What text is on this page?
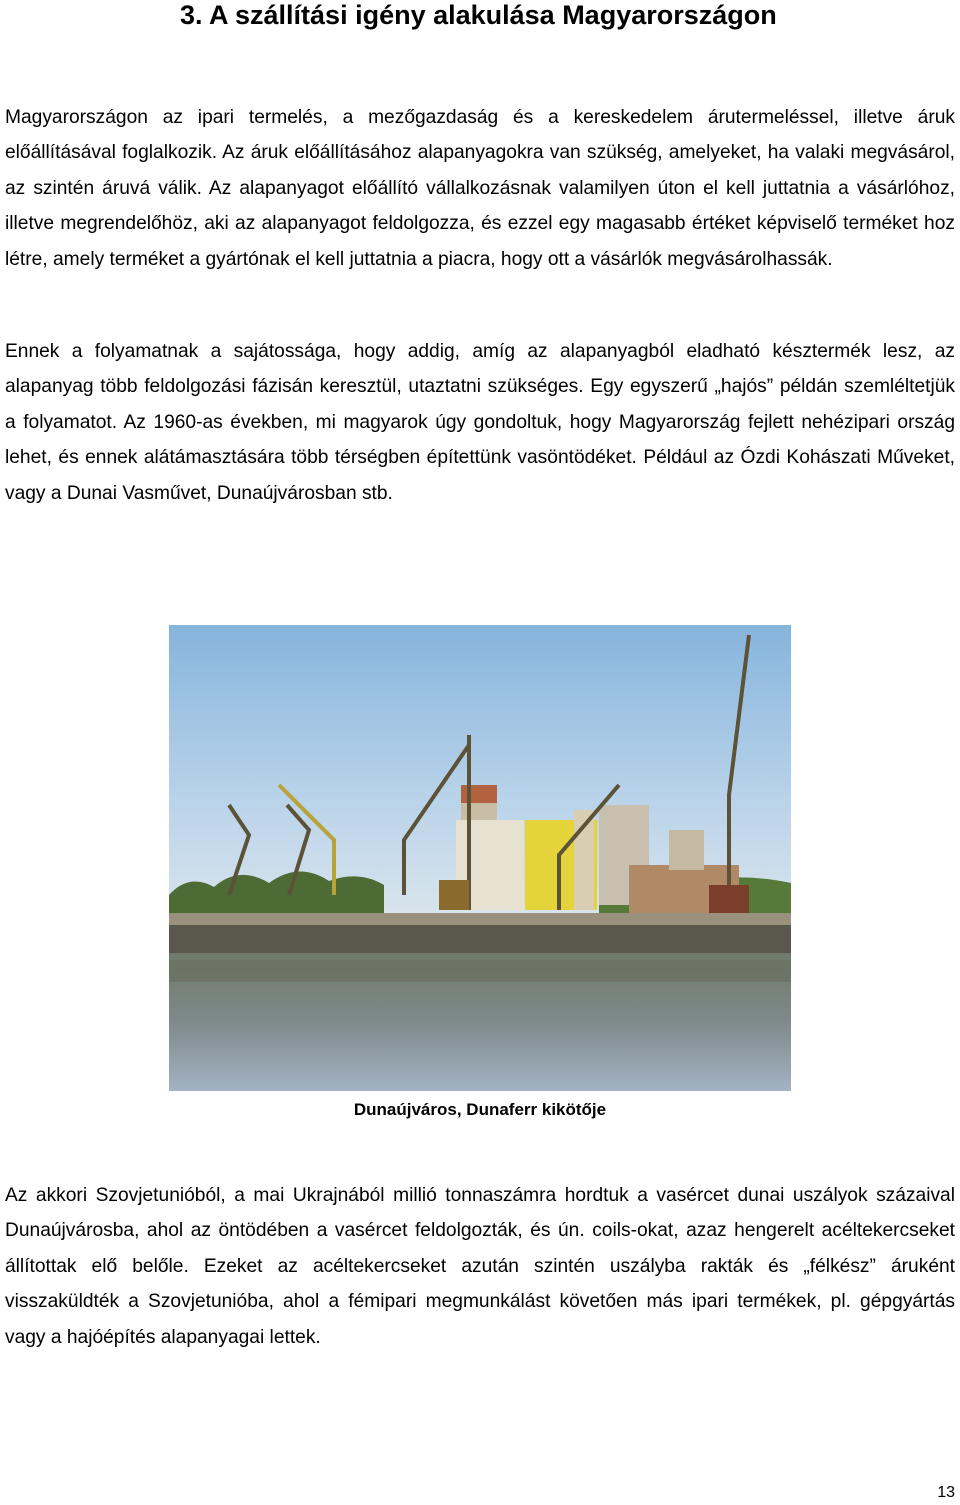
3. A szállítási igény alakulása Magyarországon

Magyarországon az ipari termelés, a mezőgazdaság és a kereskedelem árutermeléssel, illetve áruk előállításával foglalkozik. Az áruk előállításához alapanyagokra van szükség, amelyeket, ha valaki megvásárol, az szintén áruvá válik. Az alapanyagot előállító vállalkozásnak valamilyen úton el kell juttatnia a vásárlóhoz, illetve megrendelőhöz, aki az alapanyagot feldolgozza, és ezzel egy magasabb értéket képviselő terméket hoz létre, amely terméket a gyártónak el kell juttatnia a piacra, hogy ott a vásárlók megvásárolhassák.

Ennek a folyamatnak a sajátossága, hogy addig, amíg az alapanyagból eladható késztermék lesz, az alapanyag több feldolgozási fázisán keresztül, utaztatni szükséges. Egy egyszerű „hajós” példán szemléltetjük a folyamatot. Az 1960-as években, mi magyarok úgy gondoltuk, hogy Magyarország fejlett nehézipari ország lehet, és ennek alátámasztására több térségben építettünk vasöntödéket. Például az Ózdi Kohászati Műveket, vagy a Dunai Vasművet, Dunaújvárosban stb.

Dunaújváros, Dunaferr kikötője

Az akkori Szovjetunióból, a mai Ukrajnából millió tonnaszámra hordtuk a vasércet dunai uszályok százaival Dunaújvárosba, ahol az öntödében a vasércet feldolgozták, és ún. coils-okat, azaz hengerelt acéltekercseket állítottak elő belőle. Ezeket az acéltekercseket azután szintén uszályba rakták és „félkész” áruként visszaküldték a Szovjetunióba, ahol a fémipari megmunkálást követően más ipari termékek, pl. gépgyártás vagy a hajóépítés alapanyagai lettek.

13
